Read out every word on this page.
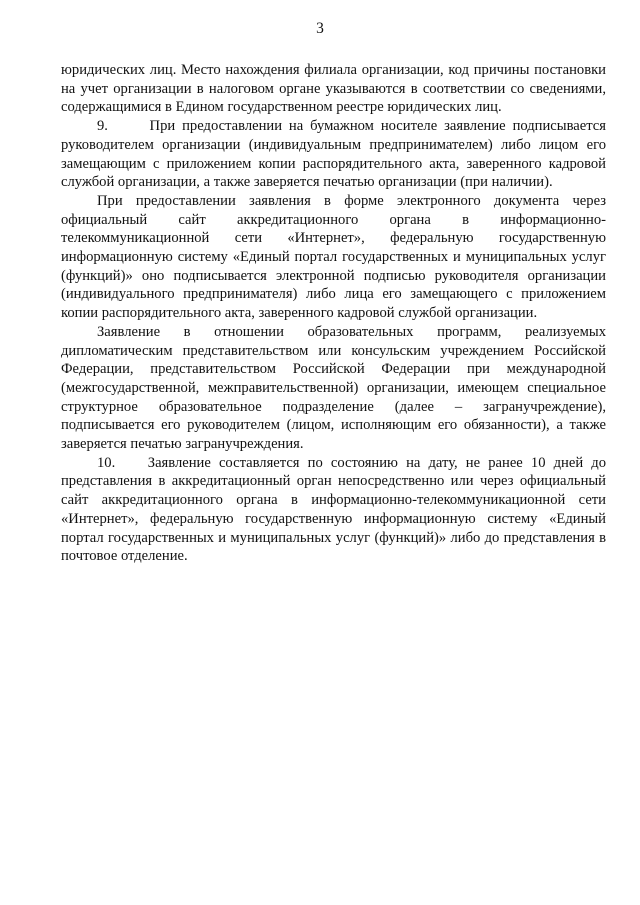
3

юридических лиц. Место нахождения филиала организации, код причины постановки на учет организации в налоговом органе указываются в соответствии со сведениями, содержащимися в Едином государственном реестре юридических лиц.

9.      При предоставлении на бумажном носителе заявление подписывается руководителем организации (индивидуальным предпринимателем) либо лицом его замещающим с приложением копии распорядительного акта, заверенного кадровой службой организации, а также заверяется печатью организации (при наличии).

При предоставлении заявления в форме электронного документа через официальный сайт аккредитационного органа в информационно-телекоммуникационной сети «Интернет», федеральную государственную информационную систему «Единый портал государственных и муниципальных услуг (функций)» оно подписывается электронной подписью руководителя организации (индивидуального предпринимателя) либо лица его замещающего с приложением копии распорядительного акта, заверенного кадровой службой организации.

Заявление в отношении образовательных программ, реализуемых дипломатическим представительством или консульским учреждением Российской Федерации, представительством Российской Федерации при международной (межгосударственной, межправительственной) организации, имеющем специальное структурное образовательное подразделение (далее – загранучреждение), подписывается его руководителем (лицом, исполняющим его обязанности), а также заверяется печатью загранучреждения.

10.    Заявление составляется по состоянию на дату, не ранее 10 дней до представления в аккредитационный орган непосредственно или через официальный сайт аккредитационного органа в информационно-телекоммуникационной сети «Интернет», федеральную государственную информационную систему «Единый портал государственных и муниципальных услуг (функций)» либо до представления в почтовое отделение.
